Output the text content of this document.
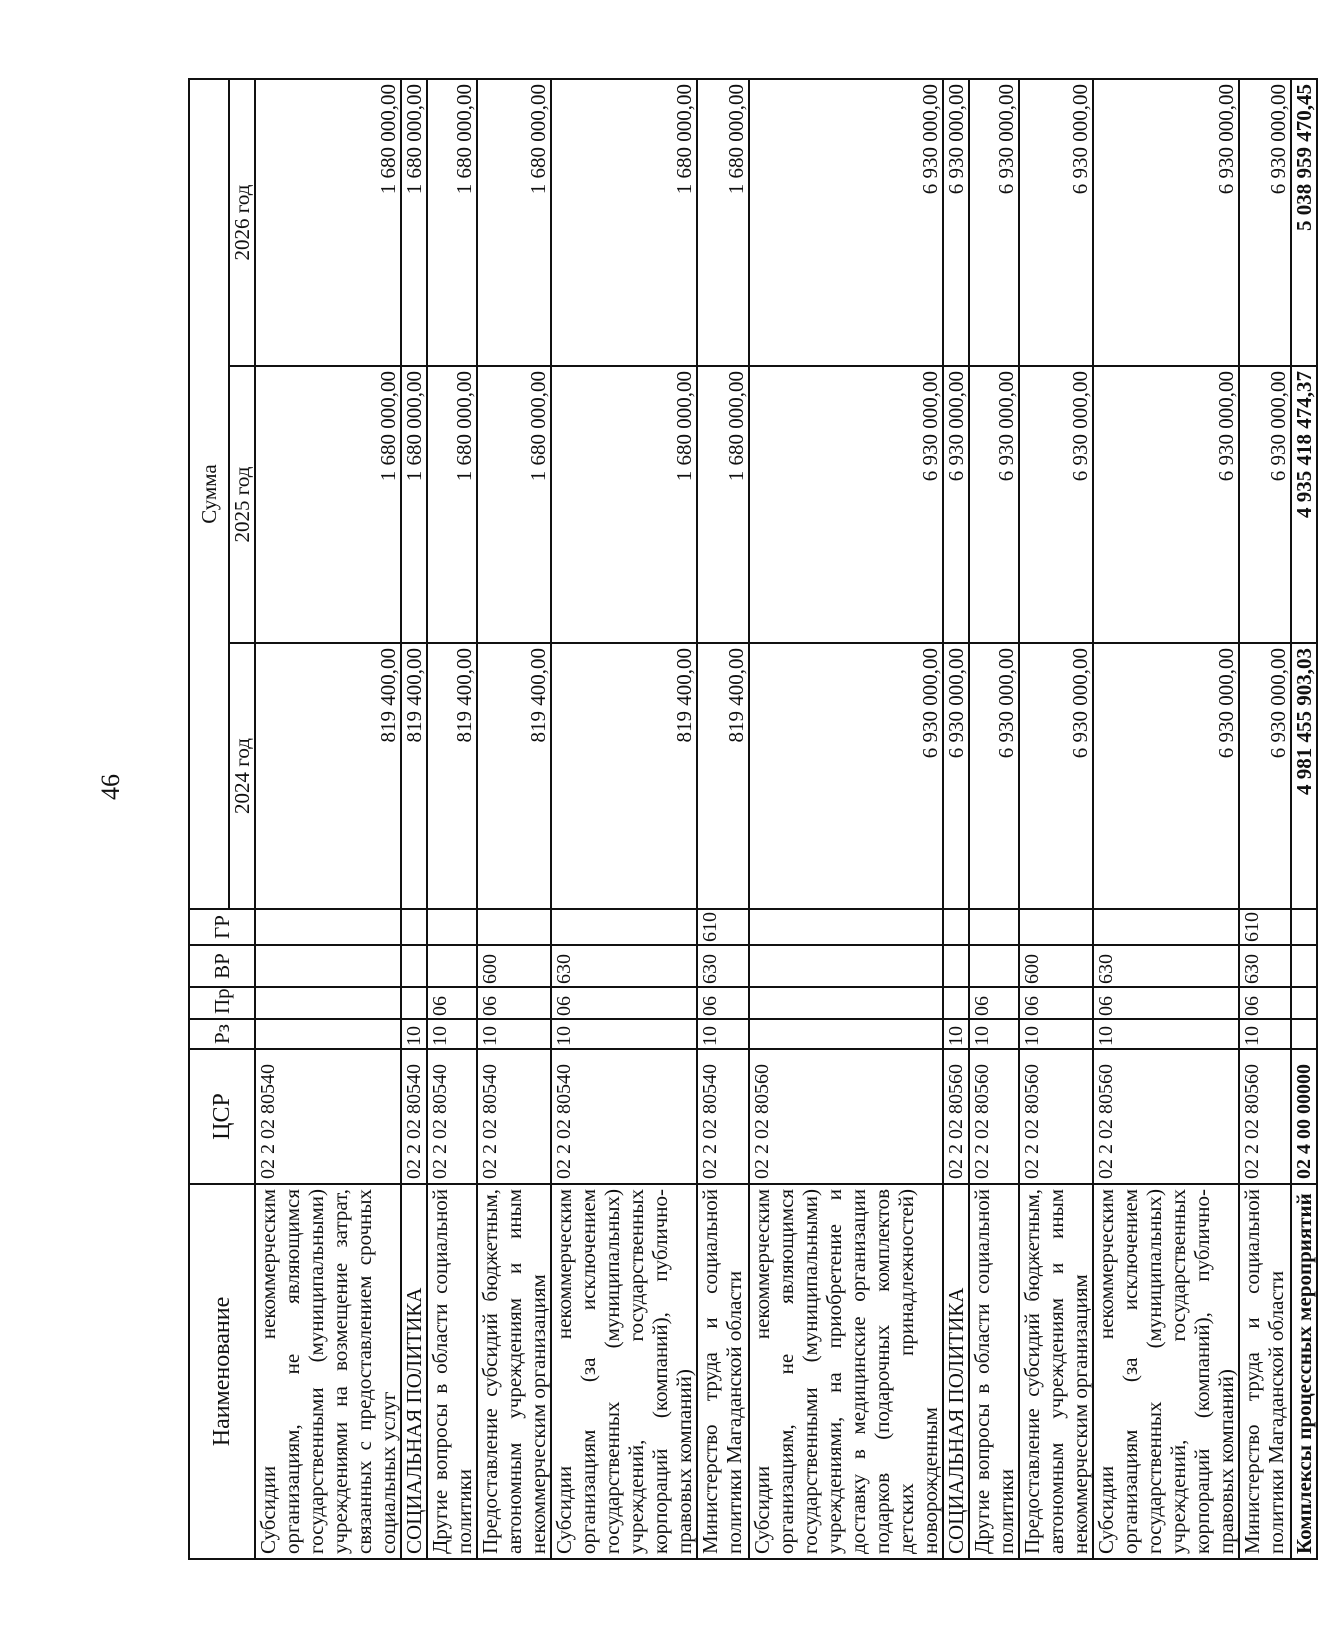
46
Наименование	ЦСР	Рз	Пр	ВР	ГР	Сумма		
						2024 год	2025 год	2026 год
Субсидии некоммерческим организациям, не являющимся государственными (муниципальными) учреждениями на возмещение затрат, связанных с предоставлением срочных социальных услуг	02 2 02 80540					819 400,00	1 680 000,00	1 680 000,00
СОЦИАЛЬНАЯ ПОЛИТИКА	02 2 02 80540	10				819 400,00	1 680 000,00	1 680 000,00
Другие вопросы в области социальной политики	02 2 02 80540	10	06			819 400,00	1 680 000,00	1 680 000,00
Предоставление субсидий бюджетным, автономным учреждениям и иным некоммерческим организациям	02 2 02 80540	10	06	600		819 400,00	1 680 000,00	1 680 000,00
Субсидии некоммерческим организациям (за исключением государственных (муниципальных) учреждений, государственных корпораций (компаний), публично-правовых компаний)	02 2 02 80540	10	06	630		819 400,00	1 680 000,00	1 680 000,00
Министерство труда и социальной политики Магаданской области	02 2 02 80540	10	06	630	610	819 400,00	1 680 000,00	1 680 000,00
Субсидии некоммерческим организациям, не являющимся государственными (муниципальными) учреждениями, на приобретение и доставку в медицинские организации подарков (подарочных комплектов детских принадлежностей) новорожденным	02 2 02 80560					6 930 000,00	6 930 000,00	6 930 000,00
СОЦИАЛЬНАЯ ПОЛИТИКА	02 2 02 80560	10				6 930 000,00	6 930 000,00	6 930 000,00
Другие вопросы в области социальной политики	02 2 02 80560	10	06			6 930 000,00	6 930 000,00	6 930 000,00
Предоставление субсидий бюджетным, автономным учреждениям и иным некоммерческим организациям	02 2 02 80560	10	06	600		6 930 000,00	6 930 000,00	6 930 000,00
Субсидии некоммерческим организациям (за исключением государственных (муниципальных) учреждений, государственных корпораций (компаний), публично-правовых компаний)	02 2 02 80560	10	06	630		6 930 000,00	6 930 000,00	6 930 000,00
Министерство труда и социальной политики Магаданской области	02 2 02 80560	10	06	630	610	6 930 000,00	6 930 000,00	6 930 000,00
Комплексы процессных мероприятий	02 4 00 00000					4 981 455 903,03	4 935 418 474,37	5 038 959 470,45
